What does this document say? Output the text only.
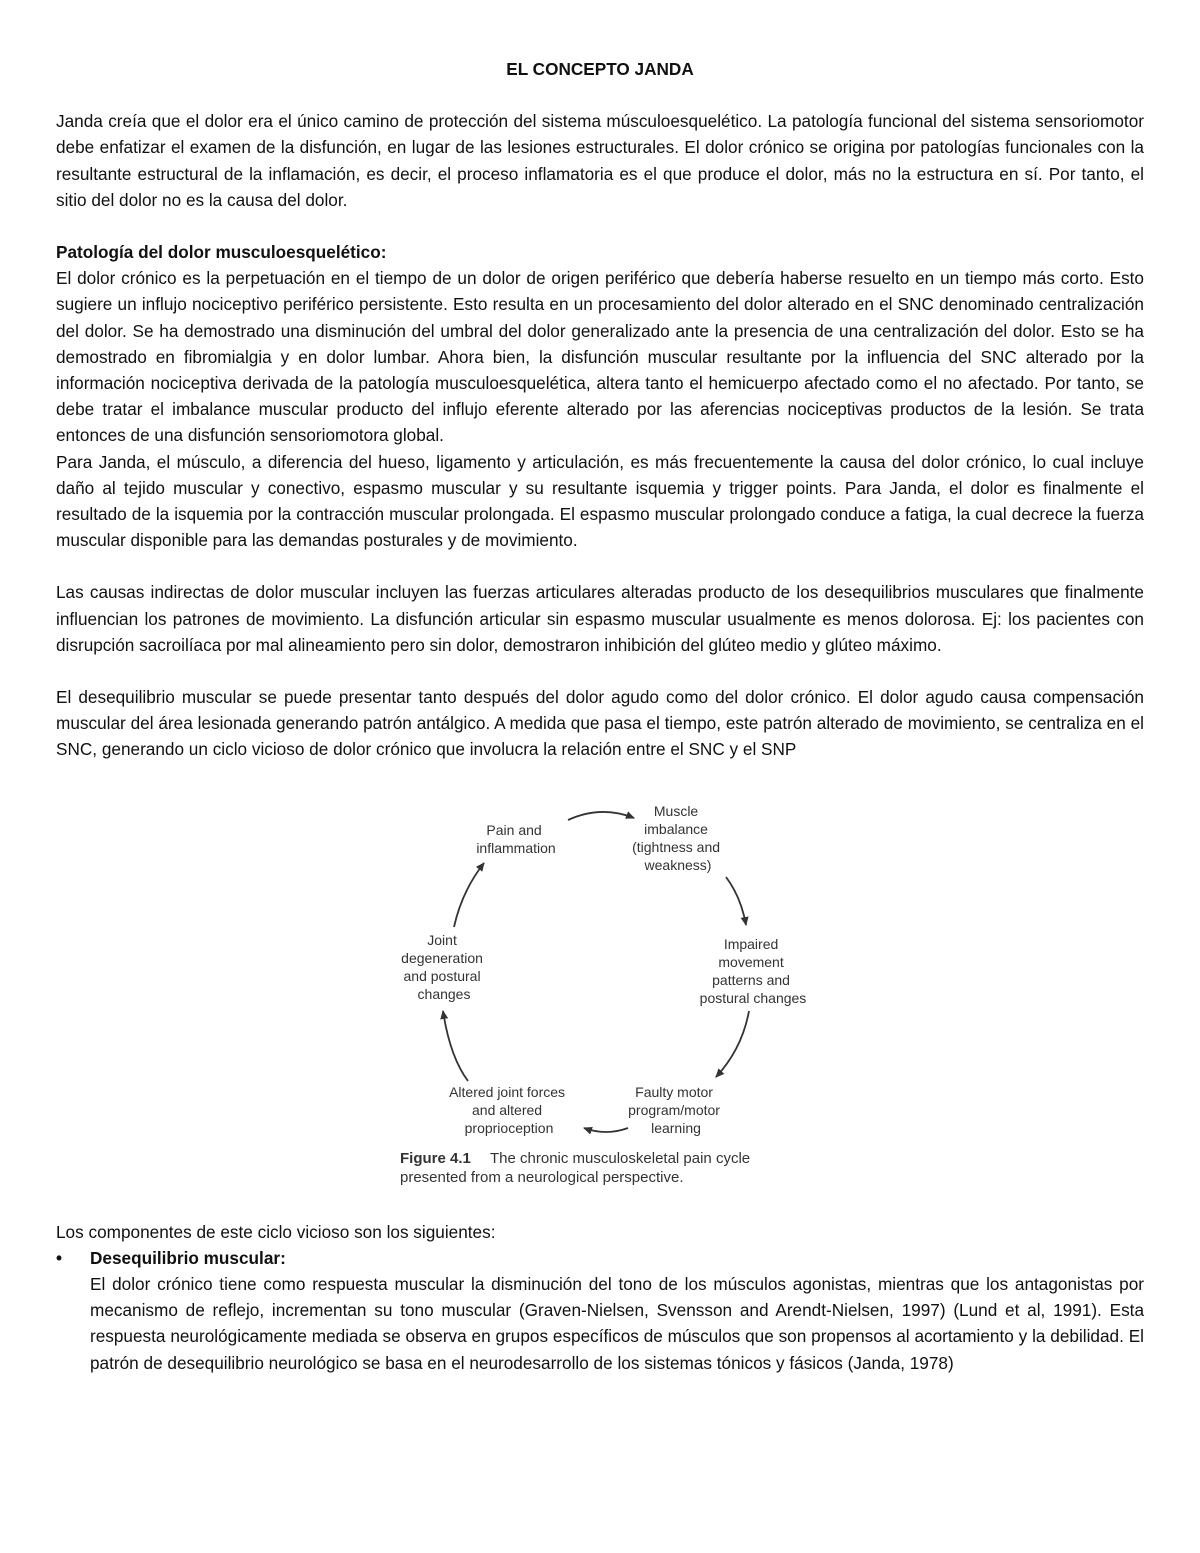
EL CONCEPTO JANDA

Janda creía que el dolor era el único camino de protección del sistema músculoesquelético. La patología funcional del sistema sensoriomotor debe enfatizar el examen de la disfunción, en lugar de las lesiones estructurales. El dolor crónico se origina por patologías funcionales con la resultante estructural de la inflamación, es decir, el proceso inflamatoria es el que produce el dolor, más no la estructura en sí. Por tanto, el sitio del dolor no es la causa del dolor.

Patología del dolor musculoesquelético:

El dolor crónico es la perpetuación en el tiempo de un dolor de origen periférico que debería haberse resuelto en un tiempo más corto. Esto sugiere un influjo nociceptivo periférico persistente. Esto resulta en un procesamiento del dolor alterado en el SNC denominado centralización del dolor. Se ha demostrado una disminución del umbral del dolor generalizado ante la presencia de una centralización del dolor. Esto se ha demostrado en fibromialgia y en dolor lumbar. Ahora bien, la disfunción muscular resultante por la influencia del SNC alterado por la información nociceptiva derivada de la patología musculoesquelética, altera tanto el hemicuerpo afectado como el no afectado. Por tanto, se debe tratar el imbalance muscular producto del influjo eferente alterado por las aferencias nociceptivas productos de la lesión. Se trata entonces de una disfunción sensoriomotora global.

Para Janda, el músculo, a diferencia del hueso, ligamento y articulación, es más frecuentemente la causa del dolor crónico, lo cual incluye daño al tejido muscular y conectivo, espasmo muscular y su resultante isquemia y trigger points. Para Janda, el dolor es finalmente el resultado de la isquemia por la contracción muscular prolongada. El espasmo muscular prolongado conduce a fatiga, la cual decrece la fuerza muscular disponible para las demandas posturales y de movimiento.

Las causas indirectas de dolor muscular incluyen las fuerzas articulares alteradas producto de los desequilibrios musculares que finalmente influencian los patrones de movimiento. La disfunción articular sin espasmo muscular usualmente es menos dolorosa. Ej: los pacientes con disrupción sacroilíaca por mal alineamiento pero sin dolor, demostraron inhibición del glúteo medio y glúteo máximo.

El desequilibrio muscular se puede presentar tanto después del dolor agudo como del dolor crónico. El dolor agudo causa compensación muscular del área lesionada generando patrón antálgico. A medida que pasa el tiempo, este patrón alterado de movimiento, se centraliza en el SNC, generando un ciclo vicioso de dolor crónico que involucra la relación entre el SNC y el SNP

Pain and inflammation
Muscle imbalance (tightness and weakness)
Impaired movement patterns and postural changes
Faulty motor program/motor learning
Altered joint forces and altered proprioception
Joint degeneration and postural changes
Figure 4.1 The chronic musculoskeletal pain cycle
presented from a neurological perspective.

Los componentes de este ciclo vicioso son los siguientes:

•	Desequilibrio muscular:

El dolor crónico tiene como respuesta muscular la disminución del tono de los músculos agonistas, mientras que los antagonistas por mecanismo de reflejo, incrementan su tono muscular (Graven-Nielsen, Svensson and Arendt-Nielsen, 1997) (Lund et al, 1991). Esta respuesta neurológicamente mediada se observa en grupos específicos de músculos que son propensos al acortamiento y la debilidad. El patrón de desequilibrio neurológico se basa en el neurodesarrollo de los sistemas tónicos y fásicos (Janda, 1978)
